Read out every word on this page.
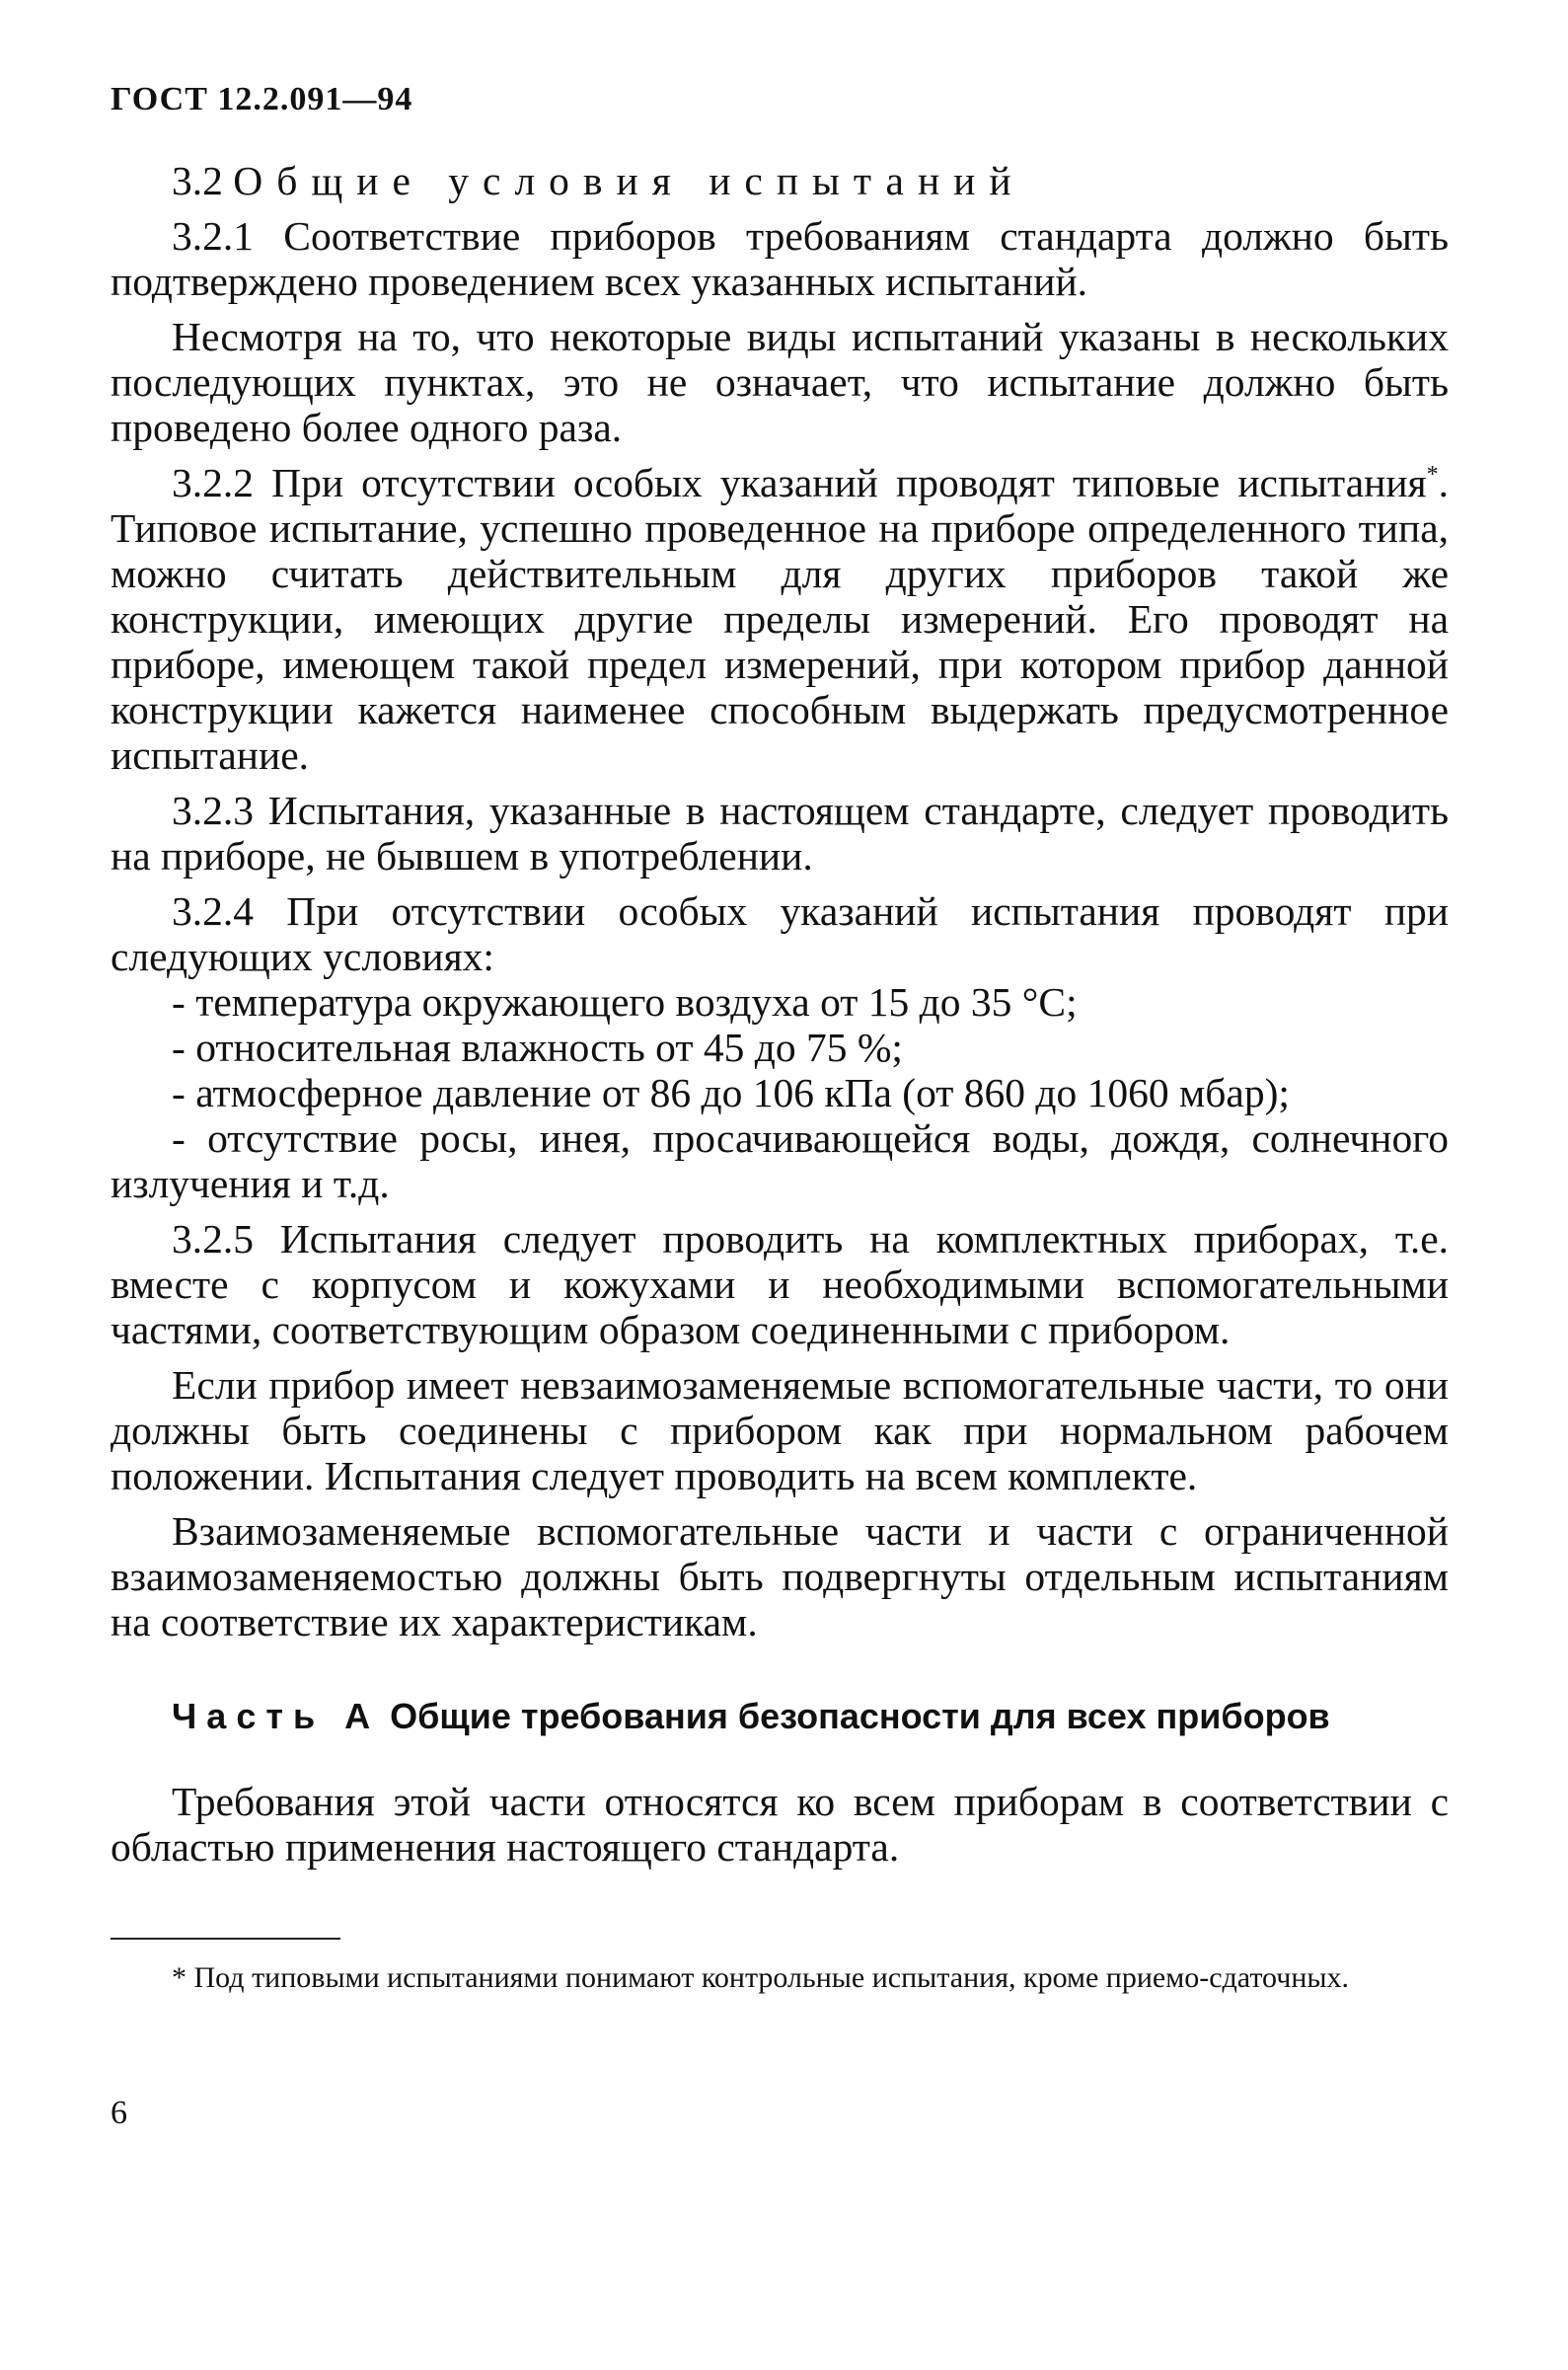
ГОСТ 12.2.091—94
3.2 Общие условия испытаний

3.2.1 Соответствие приборов требованиям стандарта должно быть подтверждено проведением всех указанных испытаний.

Несмотря на то, что некоторые виды испытаний указаны в нескольких последующих пунктах, это не означает, что испытание должно быть проведено более одного раза.

3.2.2 При отсутствии особых указаний проводят типовые испытания*. Типовое испытание, успешно проведенное на приборе определенного типа, можно считать действительным для других приборов такой же конструкции, имеющих другие пределы измерений. Его проводят на приборе, имеющем такой предел измерений, при котором прибор данной конструкции кажется наименее способным выдержать предусмотренное испытание.

3.2.3 Испытания, указанные в настоящем стандарте, следует проводить на приборе, не бывшем в употреблении.

3.2.4 При отсутствии особых указаний испытания проводят при следующих условиях:

- температура окружающего воздуха от 15 до 35 °С;

- относительная влажность от 45 до 75 %;

- атмосферное давление от 86 до 106 кПа (от 860 до 1060 мбар);

- отсутствие росы, инея, просачивающейся воды, дождя, солнечного излучения и т.д.

3.2.5 Испытания следует проводить на комплектных приборах, т.е. вместе с корпусом и кожухами и необходимыми вспомогательными частями, соответствующим образом соединенными с прибором.

Если прибор имеет невзаимозаменяемые вспомогательные части, то они должны быть соединены с прибором как при нормальном рабочем положении. Испытания следует проводить на всем комплекте.

Взаимозаменяемые вспомогательные части и части с ограниченной взаимозаменяемостью должны быть подвергнуты отдельным испытаниям на соответствие их характеристикам.

Часть А Общие требования безопасности для всех приборов

Требования этой части относятся ко всем приборам в соответствии с областью применения настоящего стандарта.

* Под типовыми испытаниями понимают контрольные испытания, кроме приемо-сдаточных.
6
